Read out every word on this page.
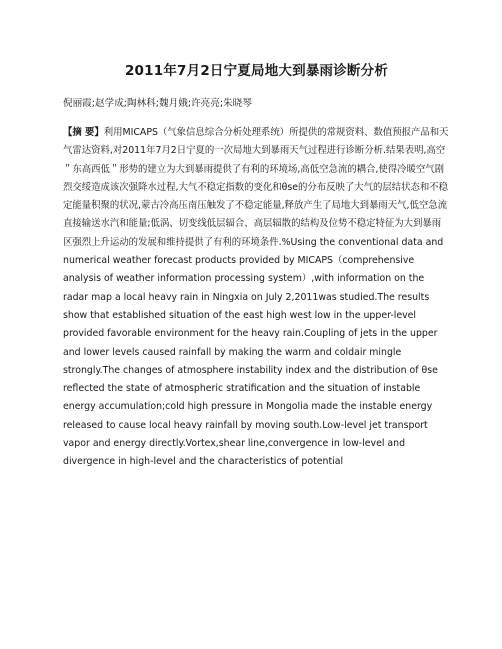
2011年7月2日宁夏局地大到暴雨诊断分析
倪丽霞;赵学成;陶林科;魏月娥;许亮亮;朱晓琴

【摘 要】利用MICAPS（气象信息综合分析处理系统）所提供的常规资料、数值预报产品和天气雷达资料,对2011年7月2日宁夏的一次局地大到暴雨天气过程进行诊断分析.结果表明,高空＂东高西低＂形势的建立为大到暴雨提供了有利的环境场,高低空急流的耦合,使得冷暖空气剧烈交绥造成该次强降水过程,大气不稳定指数的变化和θse的分布反映了大气的层结状态和不稳定能量积聚的状况,蒙古冷高压南压触发了不稳定能量,释放产生了局地大到暴雨天气,低空急流直接输送水汽和能量;低涡、切变线低层辐合、高层辐散的结构及位势不稳定特征为大到暴雨区强烈上升运动的发展和维持提供了有利的环境条件.%Using the conventional data and numerical weather forecast products provided by MICAPS（comprehensive analysis of weather information processing system）,with information on the radar map a local heavy rain in Ningxia on July 2,2011was studied.The results show that established situation of the east high west low in the upper-level provided favorable environment for the heavy rain.Coupling of jets in the upper and lower levels caused rainfall by making the warm and coldair mingle strongly.The changes of atmosphere instability index and the distribution of θse reflected the state of atmospheric stratification and the situation of instable energy accumulation;cold high pressure in Mongolia made the instable energy released to cause local heavy rainfall by moving south.Low-level jet transport vapor and energy directly.Vortex,shear line,convergence in low-level and divergence in high-level and the characteristics of potential
